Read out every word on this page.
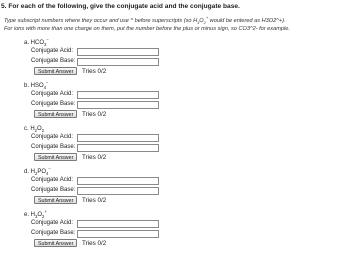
5. For each of the following, give the conjugate acid and the conjugate base.
Type subscript numbers where they occur and use ^ before superscripts (so $H_3O_2^+$ would be entered as H3O2^+).
For ions with more than one charge on them, put the number before the plus or minus sign, so CO3^2- for example.
a. $HCO_3^-$
Conjugate Acid:
Conjugate Base:
Submit Answer	Tries 0/2
b. $HSO_4^-$
Conjugate Acid:
Conjugate Base:
Submit Answer	Tries 0/2
c. $H_2O_2$
Conjugate Acid:
Conjugate Base:
Submit Answer	Tries 0/2
d. $H_2PO_4^-$
Conjugate Acid:
Conjugate Base:
Submit Answer	Tries 0/2
e. $H_3O_2^+$
Conjugate Acid:
Conjugate Base:
Submit Answer	Tries 0/2
